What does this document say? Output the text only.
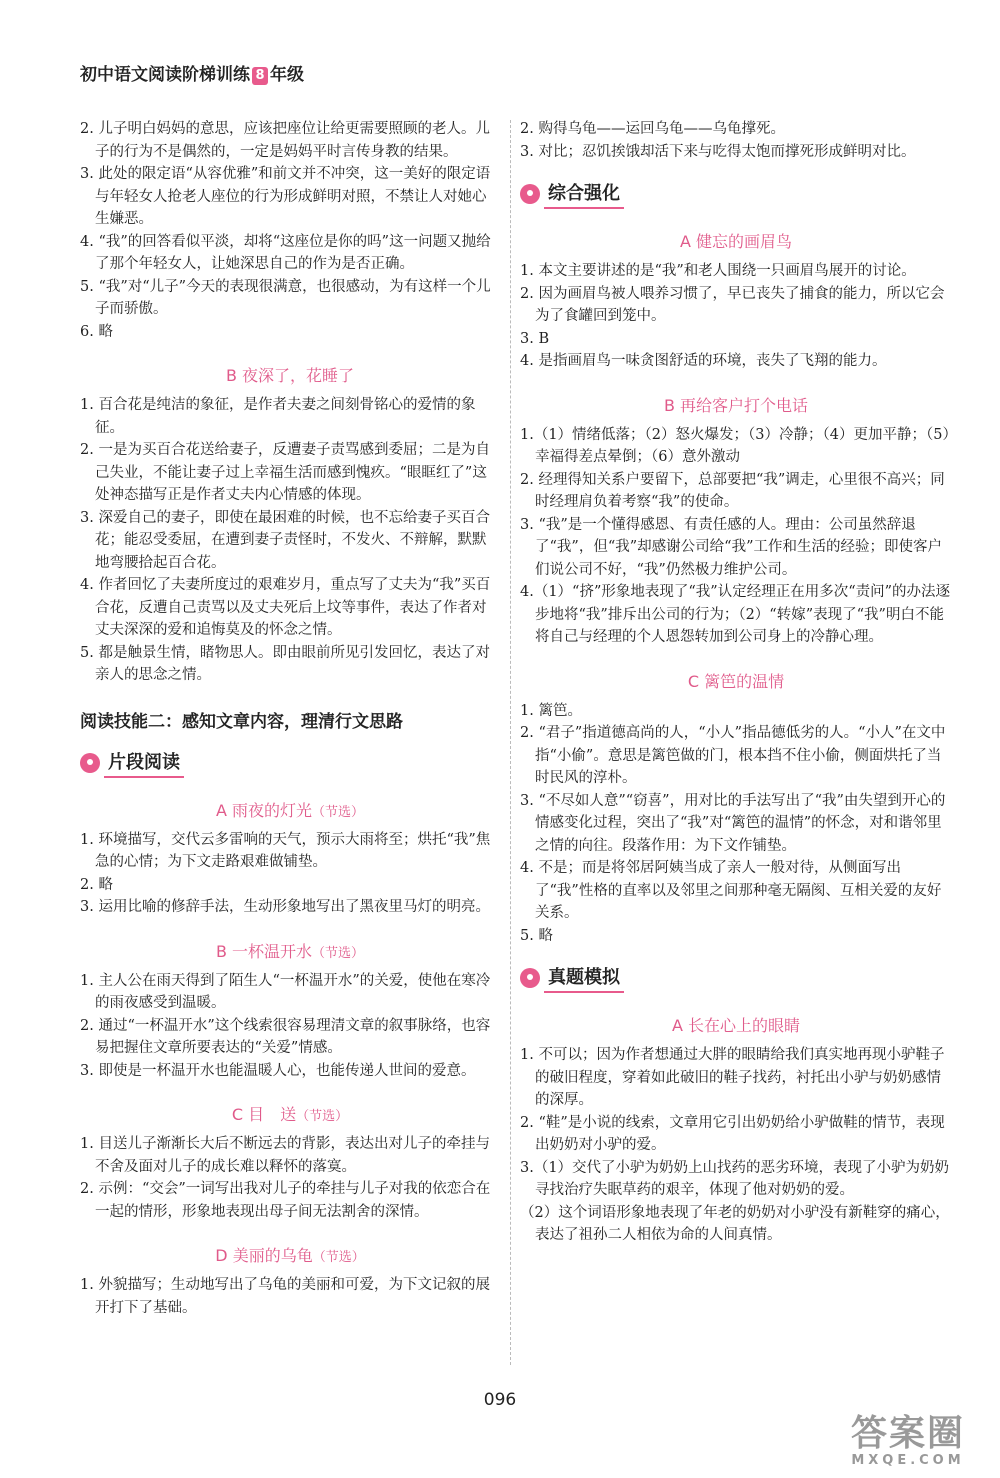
初中语文阅读阶梯训练 8 年级
2. 儿子明白妈妈的意思，应该把座位让给更需要照顾的老人。儿子的行为不是偶然的，一定是妈妈平时言传身教的结果。
3. 此处的限定语“从容优雅”和前文并不冲突，这一美好的限定语与年轻女人抢老人座位的行为形成鲜明对照，不禁让人对她心生嫌恶。
4. “我”的回答看似平淡，却将“这座位是你的吗”这一问题又抛给了那个年轻女人，让她深思自己的作为是否正确。
5. “我”对“儿子”今天的表现很满意，也很感动，为有这样一个儿子而骄傲。
6. 略
B 夜深了，花睡了
1. 百合花是纯洁的象征，是作者夫妻之间刻骨铭心的爱情的象征。
2. 一是为买百合花送给妻子，反遭妻子责骂感到委屈；二是为自己失业，不能让妻子过上幸福生活而感到愧疚。“眼眶红了”这处神态描写正是作者丈夫内心情感的体现。
3. 深爱自己的妻子，即使在最困难的时候，也不忘给妻子买百合花；能忍受委屈，在遭到妻子责怪时，不发火、不辩解，默默地弯腰拾起百合花。
4. 作者回忆了夫妻所度过的艰难岁月，重点写了丈夫为“我”买百合花，反遭自己责骂以及丈夫死后上坟等事件，表达了作者对丈夫深深的爱和追悔莫及的怀念之情。
5. 都是触景生情，睹物思人。即由眼前所见引发回忆，表达了对亲人的思念之情。
阅读技能二：感知文章内容，理清行文思路
片段阅读
A 雨夜的灯光（节选）
1. 环境描写，交代云多雷响的天气，预示大雨将至；烘托“我”焦急的心情；为下文走路艰难做铺垫。
2. 略
3. 运用比喻的修辞手法，生动形象地写出了黑夜里马灯的明亮。
B 一杯温开水（节选）
1. 主人公在雨天得到了陌生人“一杯温开水”的关爱，使他在寒冷的雨夜感受到温暖。
2. 通过“一杯温开水”这个线索很容易理清文章的叙事脉络，也容易把握住文章所要表达的“关爱”情感。
3. 即使是一杯温开水也能温暖人心，也能传递人世间的爱意。
C 目　送（节选）
1. 目送儿子渐渐长大后不断远去的背影，表达出对儿子的牵挂与不舍及面对儿子的成长难以释怀的落寞。
2. 示例：“交会”一词写出我对儿子的牵挂与儿子对我的依恋合在一起的情形，形象地表现出母子间无法割舍的深情。
D 美丽的乌龟（节选）
1. 外貌描写；生动地写出了乌龟的美丽和可爱，为下文记叙的展开打下了基础。
2. 购得乌龟——运回乌龟——乌龟撑死。
3. 对比；忍饥挨饿却活下来与吃得太饱而撑死形成鲜明对比。
综合强化
A 健忘的画眉鸟
1. 本文主要讲述的是“我”和老人围绕一只画眉鸟展开的讨论。
2. 因为画眉鸟被人喂养习惯了，早已丧失了捕食的能力，所以它会为了食罐回到笼中。
3. B
4. 是指画眉鸟一味贪图舒适的环境，丧失了飞翔的能力。
B 再给客户打个电话
1.（1）情绪低落；（2）怒火爆发；（3）冷静；（4）更加平静；（5）幸福得差点晕倒；（6）意外激动
2. 经理得知关系户要留下，总部要把“我”调走，心里很不高兴；同时经理肩负着考察“我”的使命。
3. “我”是一个懂得感恩、有责任感的人。理由：公司虽然辞退了“我”，但“我”却感谢公司给“我”工作和生活的经验；即使客户们说公司不好，“我”仍然极力维护公司。
4.（1）“挤”形象地表现了“我”认定经理正在用多次“责问”的办法逐步地将“我”排斥出公司的行为；（2）“转嫁”表现了“我”明白不能将自己与经理的个人恩怨转加到公司身上的冷静心理。
C 篱笆的温情
1. 篱笆。
2. “君子”指道德高尚的人，“小人”指品德低劣的人。“小人”在文中指“小偷”。意思是篱笆做的门，根本挡不住小偷，侧面烘托了当时民风的淳朴。
3. “不尽如人意”“窃喜”，用对比的手法写出了“我”由失望到开心的情感变化过程，突出了“我”对“篱笆的温情”的怀念，对和谐邻里之情的向往。段落作用：为下文作铺垫。
4. 不是；而是将邻居阿姨当成了亲人一般对待，从侧面写出了“我”性格的直率以及邻里之间那种毫无隔阂、互相关爱的友好关系。
5. 略
真题模拟
A 长在心上的眼睛
1. 不可以；因为作者想通过大胖的眼睛给我们真实地再现小驴鞋子的破旧程度，穿着如此破旧的鞋子找药，衬托出小驴与奶奶感情的深厚。
2. “鞋”是小说的线索，文章用它引出奶奶给小驴做鞋的情节，表现出奶奶对小驴的爱。
3.（1）交代了小驴为奶奶上山找药的恶劣环境，表现了小驴为奶奶寻找治疗失眠草药的艰辛，体现了他对奶奶的爱。
（2）这个词语形象地表现了年老的奶奶对小驴没有新鞋穿的痛心，表达了祖孙二人相依为命的人间真情。
096
答案圈
MXQE.COM
